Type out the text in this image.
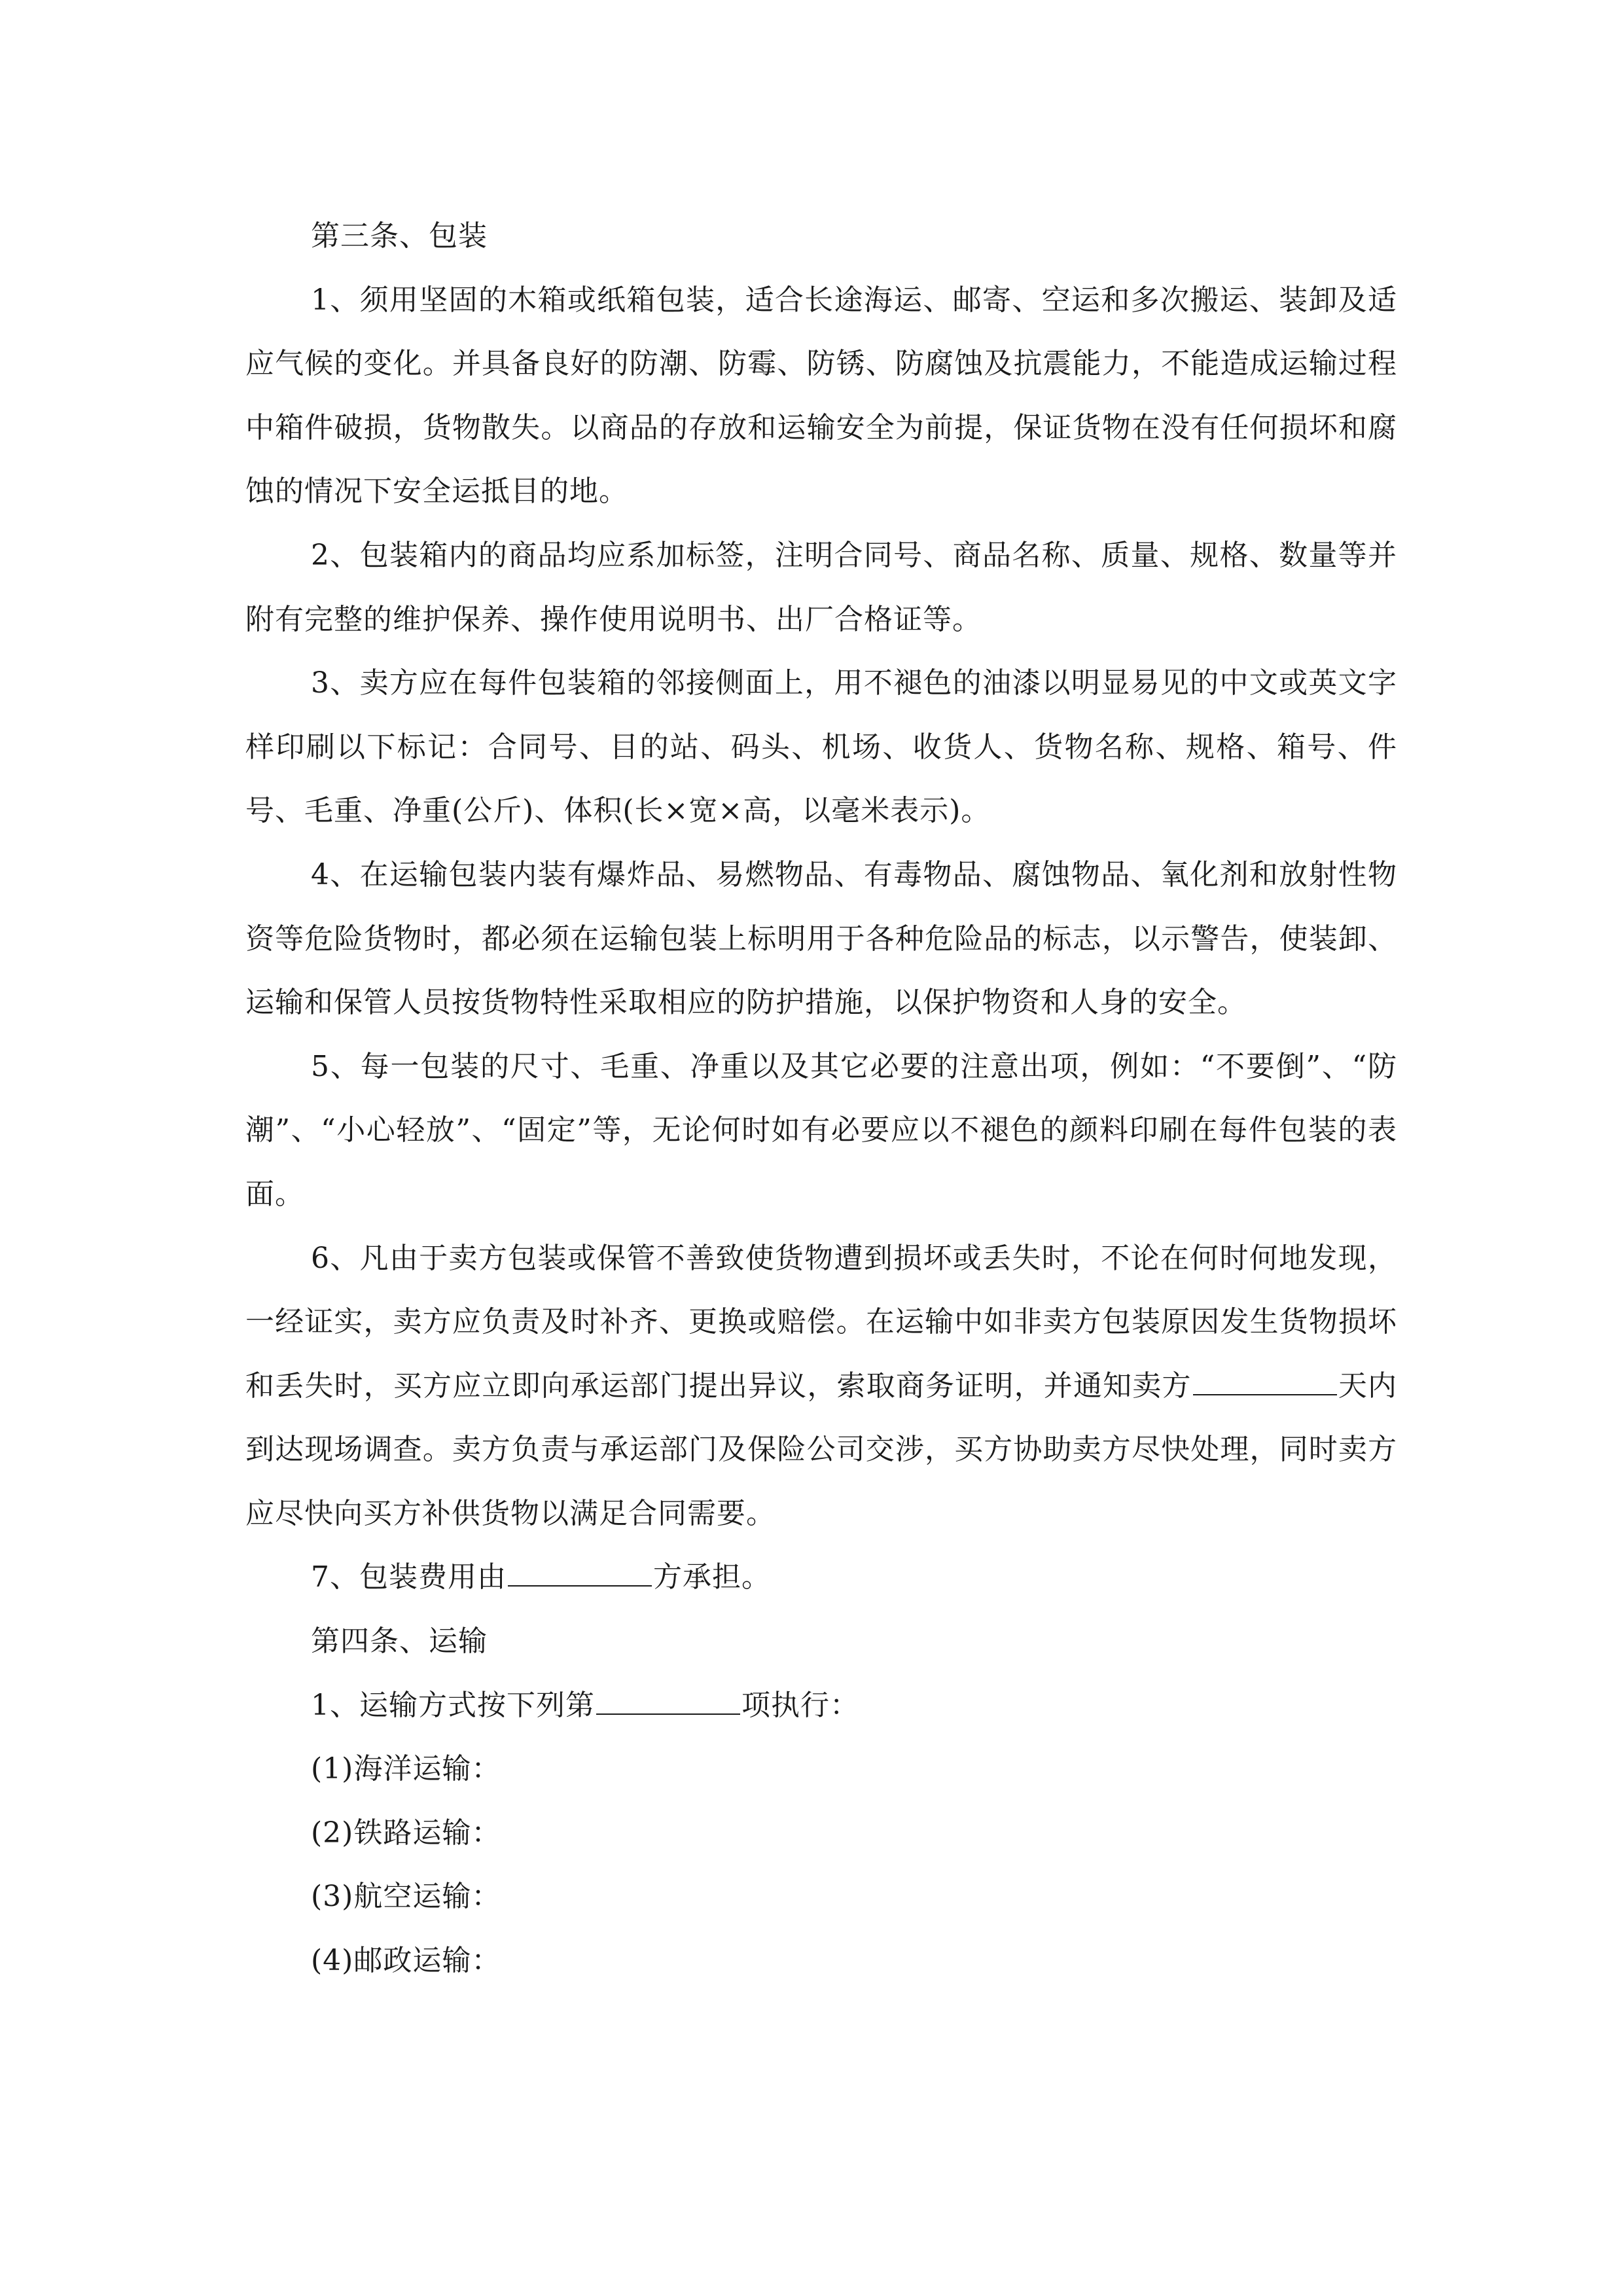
第三条、包装

1、须用坚固的木箱或纸箱包装，适合长途海运、邮寄、空运和多次搬运、装卸及适应气候的变化。并具备良好的防潮、防霉、防锈、防腐蚀及抗震能力，不能造成运输过程中箱件破损，货物散失。以商品的存放和运输安全为前提，保证货物在没有任何损坏和腐蚀的情况下安全运抵目的地。

2、包装箱内的商品均应系加标签，注明合同号、商品名称、质量、规格、数量等并附有完整的维护保养、操作使用说明书、出厂合格证等。

3、卖方应在每件包装箱的邻接侧面上，用不褪色的油漆以明显易见的中文或英文字样印刷以下标记：合同号、目的站、码头、机场、收货人、货物名称、规格、箱号、件号、毛重、净重(公斤)、体积(长×宽×高，以毫米表示)。

4、在运输包装内装有爆炸品、易燃物品、有毒物品、腐蚀物品、氧化剂和放射性物资等危险货物时，都必须在运输包装上标明用于各种危险品的标志，以示警告，使装卸、运输和保管人员按货物特性采取相应的防护措施，以保护物资和人身的安全。

5、每一包装的尺寸、毛重、净重以及其它必要的注意出项，例如：“不要倒”、“防潮”、“小心轻放”、“固定”等，无论何时如有必要应以不褪色的颜料印刷在每件包装的表面。

6、凡由于卖方包装或保管不善致使货物遭到损坏或丢失时，不论在何时何地发现，一经证实，卖方应负责及时补齐、更换或赔偿。在运输中如非卖方包装原因发生货物损坏和丢失时，买方应立即向承运部门提出异议，索取商务证明，并通知卖方	天内到达现场调查。卖方负责与承运部门及保险公司交涉，买方协助卖方尽快处理，同时卖方应尽快向买方补供货物以满足合同需要。

7、包装费用由	方承担。

第四条、运输

1、运输方式按下列第	项执行：

(1)海洋运输：

(2)铁路运输：

(3)航空运输：

(4)邮政运输：
